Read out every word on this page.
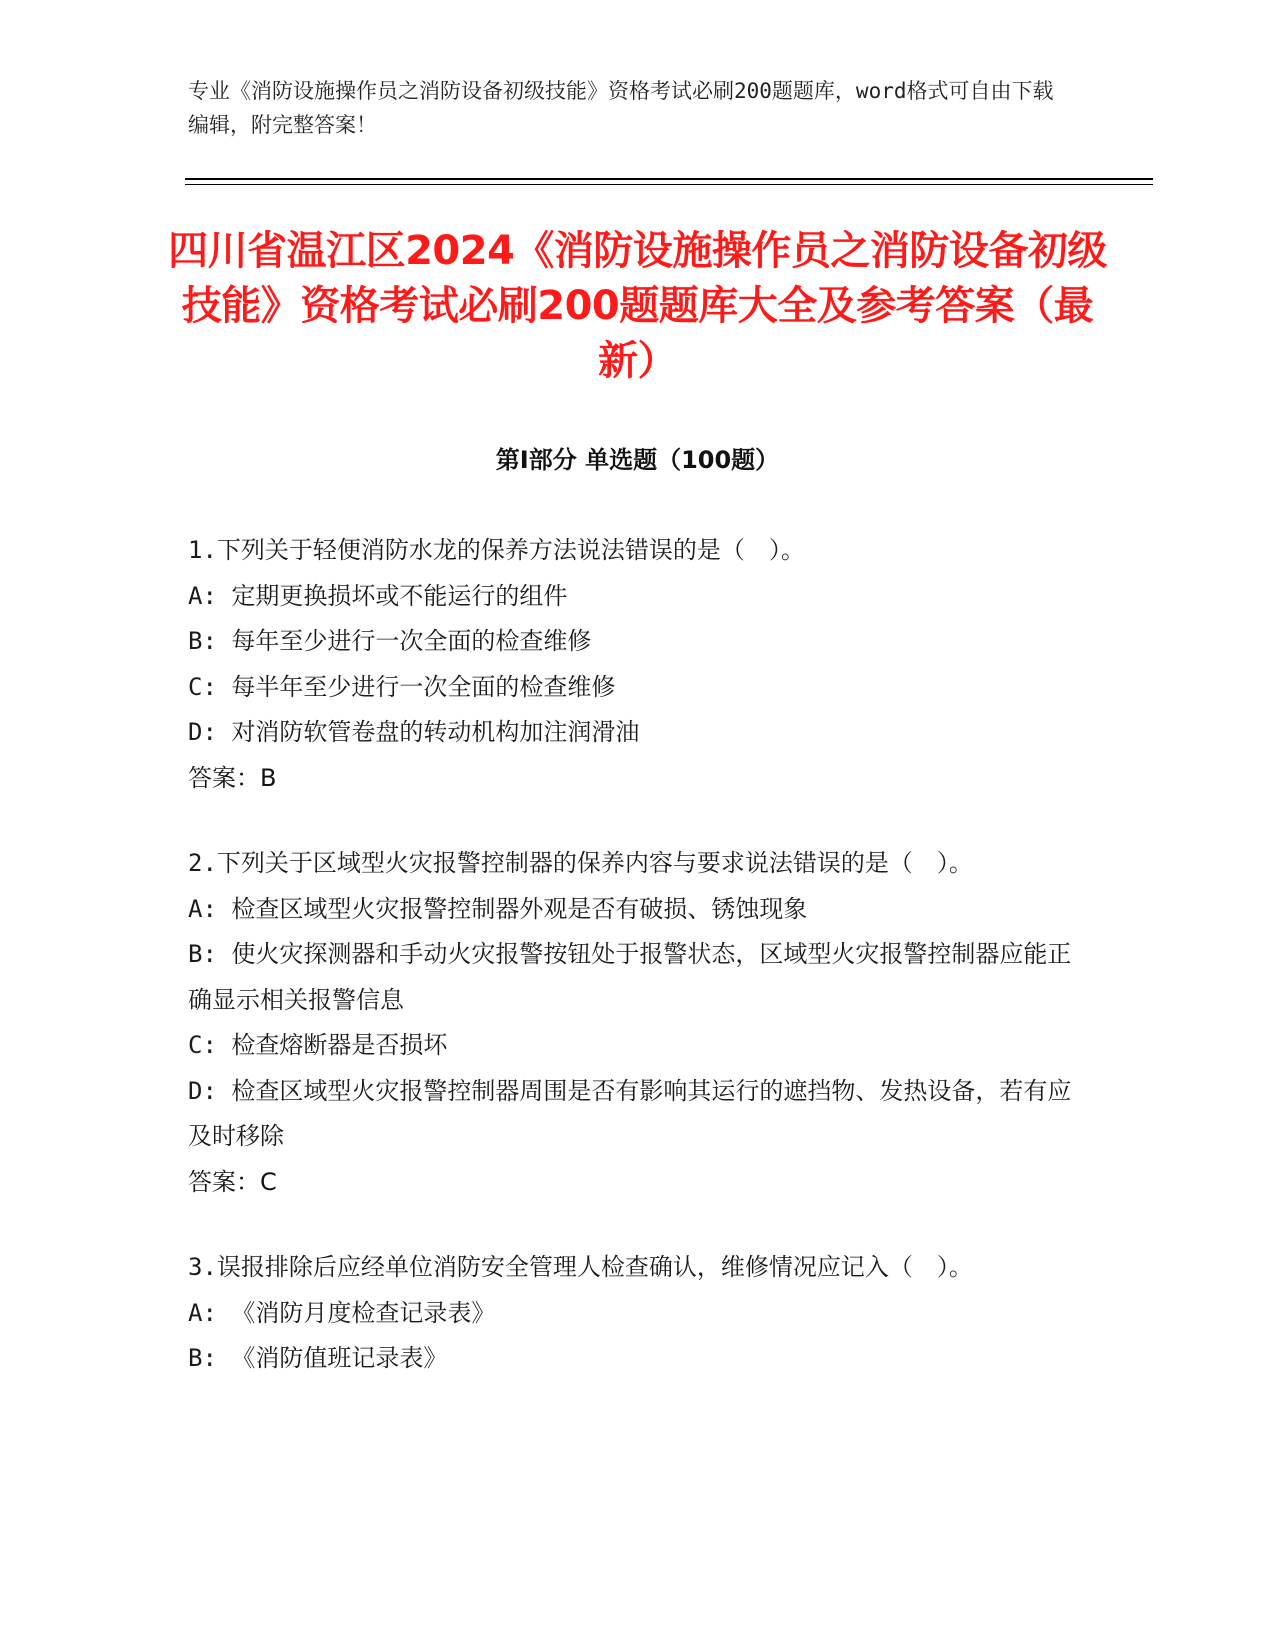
专业《消防设施操作员之消防设备初级技能》资格考试必刷200题题库，word格式可自由下载编辑，附完整答案！
四川省温江区2024《消防设施操作员之消防设备初级技能》资格考试必刷200题题库大全及参考答案（最新）
第I部分 单选题（100题）
1.下列关于轻便消防水龙的保养方法说法错误的是（　）。
A: 定期更换损坏或不能运行的组件
B: 每年至少进行一次全面的检查维修
C: 每半年至少进行一次全面的检查维修
D: 对消防软管卷盘的转动机构加注润滑油
答案：B
2.下列关于区域型火灾报警控制器的保养内容与要求说法错误的是（　）。
A: 检查区域型火灾报警控制器外观是否有破损、锈蚀现象
B: 使火灾探测器和手动火灾报警按钮处于报警状态，区域型火灾报警控制器应能正确显示相关报警信息
C: 检查熔断器是否损坏
D: 检查区域型火灾报警控制器周围是否有影响其运行的遮挡物、发热设备，若有应及时移除
答案：C
3.误报排除后应经单位消防安全管理人检查确认，维修情况应记入（　）。
A: 《消防月度检查记录表》
B: 《消防值班记录表》
